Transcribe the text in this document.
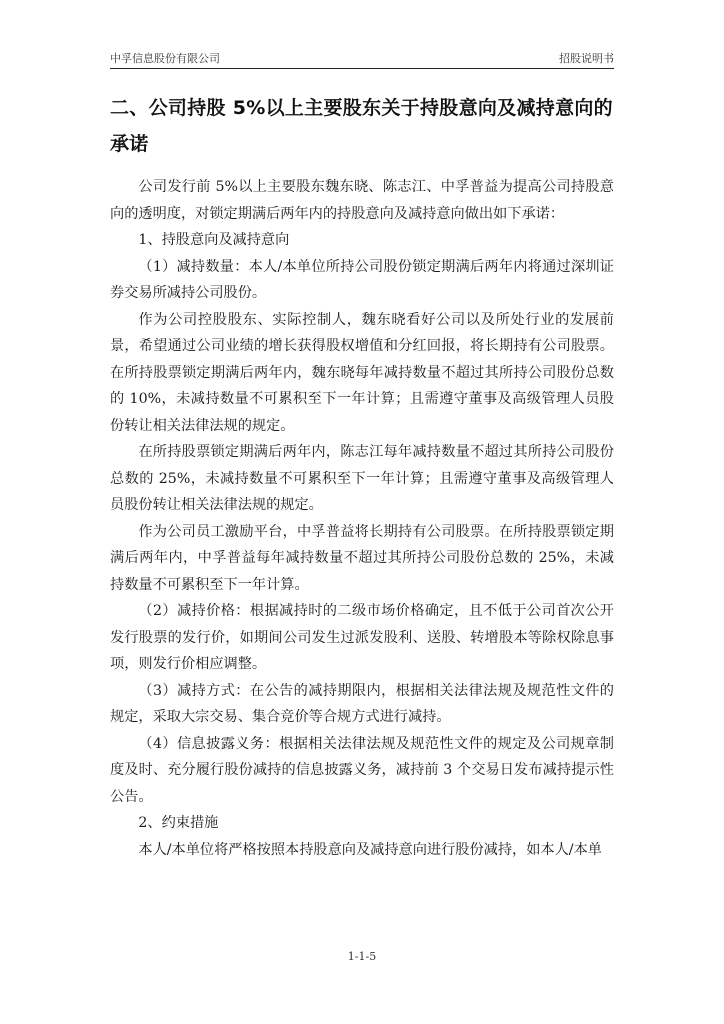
中孚信息股份有限公司	招股说明书
二、公司持股 5%以上主要股东关于持股意向及减持意向的承诺

公司发行前 5%以上主要股东魏东晓、陈志江、中孚普益为提高公司持股意向的透明度，对锁定期满后两年内的持股意向及减持意向做出如下承诺：

1、持股意向及减持意向

（1）减持数量：本人/本单位所持公司股份锁定期满后两年内将通过深圳证券交易所减持公司股份。

作为公司控股股东、实际控制人，魏东晓看好公司以及所处行业的发展前景，希望通过公司业绩的增长获得股权增值和分红回报，将长期持有公司股票。在所持股票锁定期满后两年内，魏东晓每年减持数量不超过其所持公司股份总数的 10%，未减持数量不可累积至下一年计算；且需遵守董事及高级管理人员股份转让相关法律法规的规定。

在所持股票锁定期满后两年内，陈志江每年减持数量不超过其所持公司股份总数的 25%，未减持数量不可累积至下一年计算；且需遵守董事及高级管理人员股份转让相关法律法规的规定。

作为公司员工激励平台，中孚普益将长期持有公司股票。在所持股票锁定期满后两年内，中孚普益每年减持数量不超过其所持公司股份总数的 25%，未减持数量不可累积至下一年计算。

（2）减持价格：根据减持时的二级市场价格确定，且不低于公司首次公开发行股票的发行价，如期间公司发生过派发股利、送股、转增股本等除权除息事项，则发行价相应调整。

（3）减持方式：在公告的减持期限内，根据相关法律法规及规范性文件的规定，采取大宗交易、集合竞价等合规方式进行减持。

（4）信息披露义务：根据相关法律法规及规范性文件的规定及公司规章制度及时、充分履行股份减持的信息披露义务，减持前 3 个交易日发布减持提示性公告。

2、约束措施

本人/本单位将严格按照本持股意向及减持意向进行股份减持，如本人/本单

1-1-5
